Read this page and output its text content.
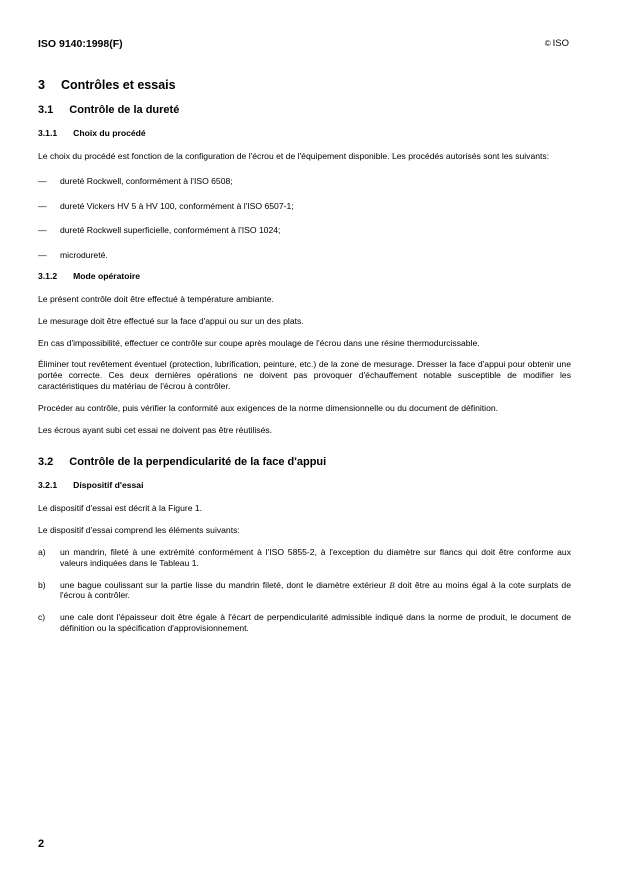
ISO 9140:1998(F)	© ISO
3 Contrôles et essais
3.1 Contrôle de la dureté
3.1.1 Choix du procédé

Le choix du procédé est fonction de la configuration de l'écrou et de l'équipement disponible. Les procédés autorisés sont les suivants:

—	dureté Rockwell, conformément à l'ISO 6508;
—	dureté Vickers HV 5 à HV 100, conformément à l'ISO 6507-1;
—	dureté Rockwell superficielle, conformément à l'ISO 1024;
—	microdureté.
3.1.2 Mode opératoire

Le présent contrôle doit être effectué à température ambiante.

Le mesurage doit être effectué sur la face d'appui ou sur un des plats.

En cas d'impossibilité, effectuer ce contrôle sur coupe après moulage de l'écrou dans une résine thermodurcissable.

Éliminer tout revêtement éventuel (protection, lubrification, peinture, etc.) de la zone de mesurage. Dresser la face d'appui pour obtenir une portée correcte. Ces deux dernières opérations ne doivent pas provoquer d'échauffement notable susceptible de modifier les caractéristiques du matériau de l'écrou à contrôler.

Procéder au contrôle, puis vérifier la conformité aux exigences de la norme dimensionnelle ou du document de définition.

Les écrous ayant subi cet essai ne doivent pas être réutilisés.

3.2 Contrôle de la perpendicularité de la face d'appui
3.2.1 Dispositif d'essai

Le dispositif d'essai est décrit à la Figure 1.

Le dispositif d'essai comprend les éléments suivants:

a)	un mandrin, fileté à une extrémité conformément à l'ISO 5855-2, à l'exception du diamètre sur flancs qui doit être conforme aux valeurs indiquées dans le Tableau 1.
b)	une bague coulissant sur la partie lisse du mandrin fileté, dont le diamètre extérieur B doit être au moins égal à la cote surplats de l'écrou à contrôler.
c)	une cale dont l'épaisseur doit être égale à l'écart de perpendicularité admissible indiqué dans la norme de produit, le document de définition ou la spécification d'approvisionnement.
2
